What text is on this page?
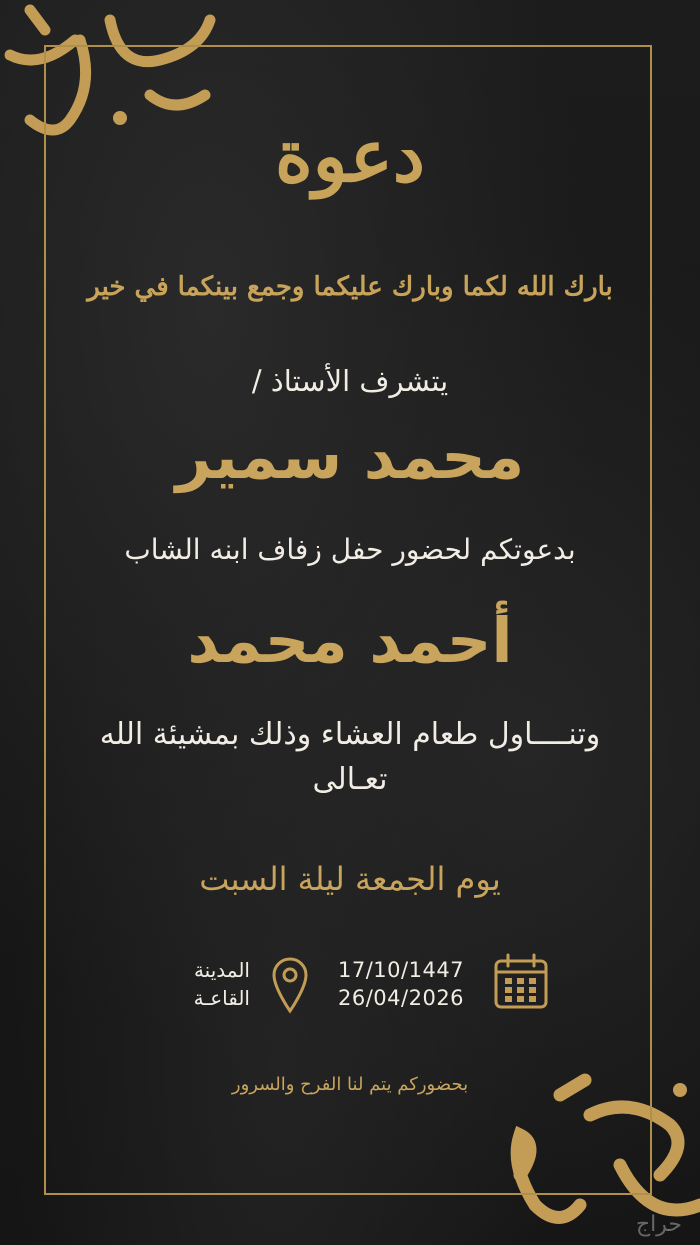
دعوة
بارك الله لكما وبارك عليكما وجمع بينكما في خير
يتشرف الأستاذ /
محمد سمير
بدعوتكم لحضور حفل زفاف ابنه الشاب
أحمد محمد
وتنــــاول طعام العشاء وذلك بمشيئة الله تعـالى
يوم الجمعة ليلة السبت
17/10/1447
26/04/2026
المدينة
القاعـة
بحضوركم يتم لنا الفرح والسرور
حراج
